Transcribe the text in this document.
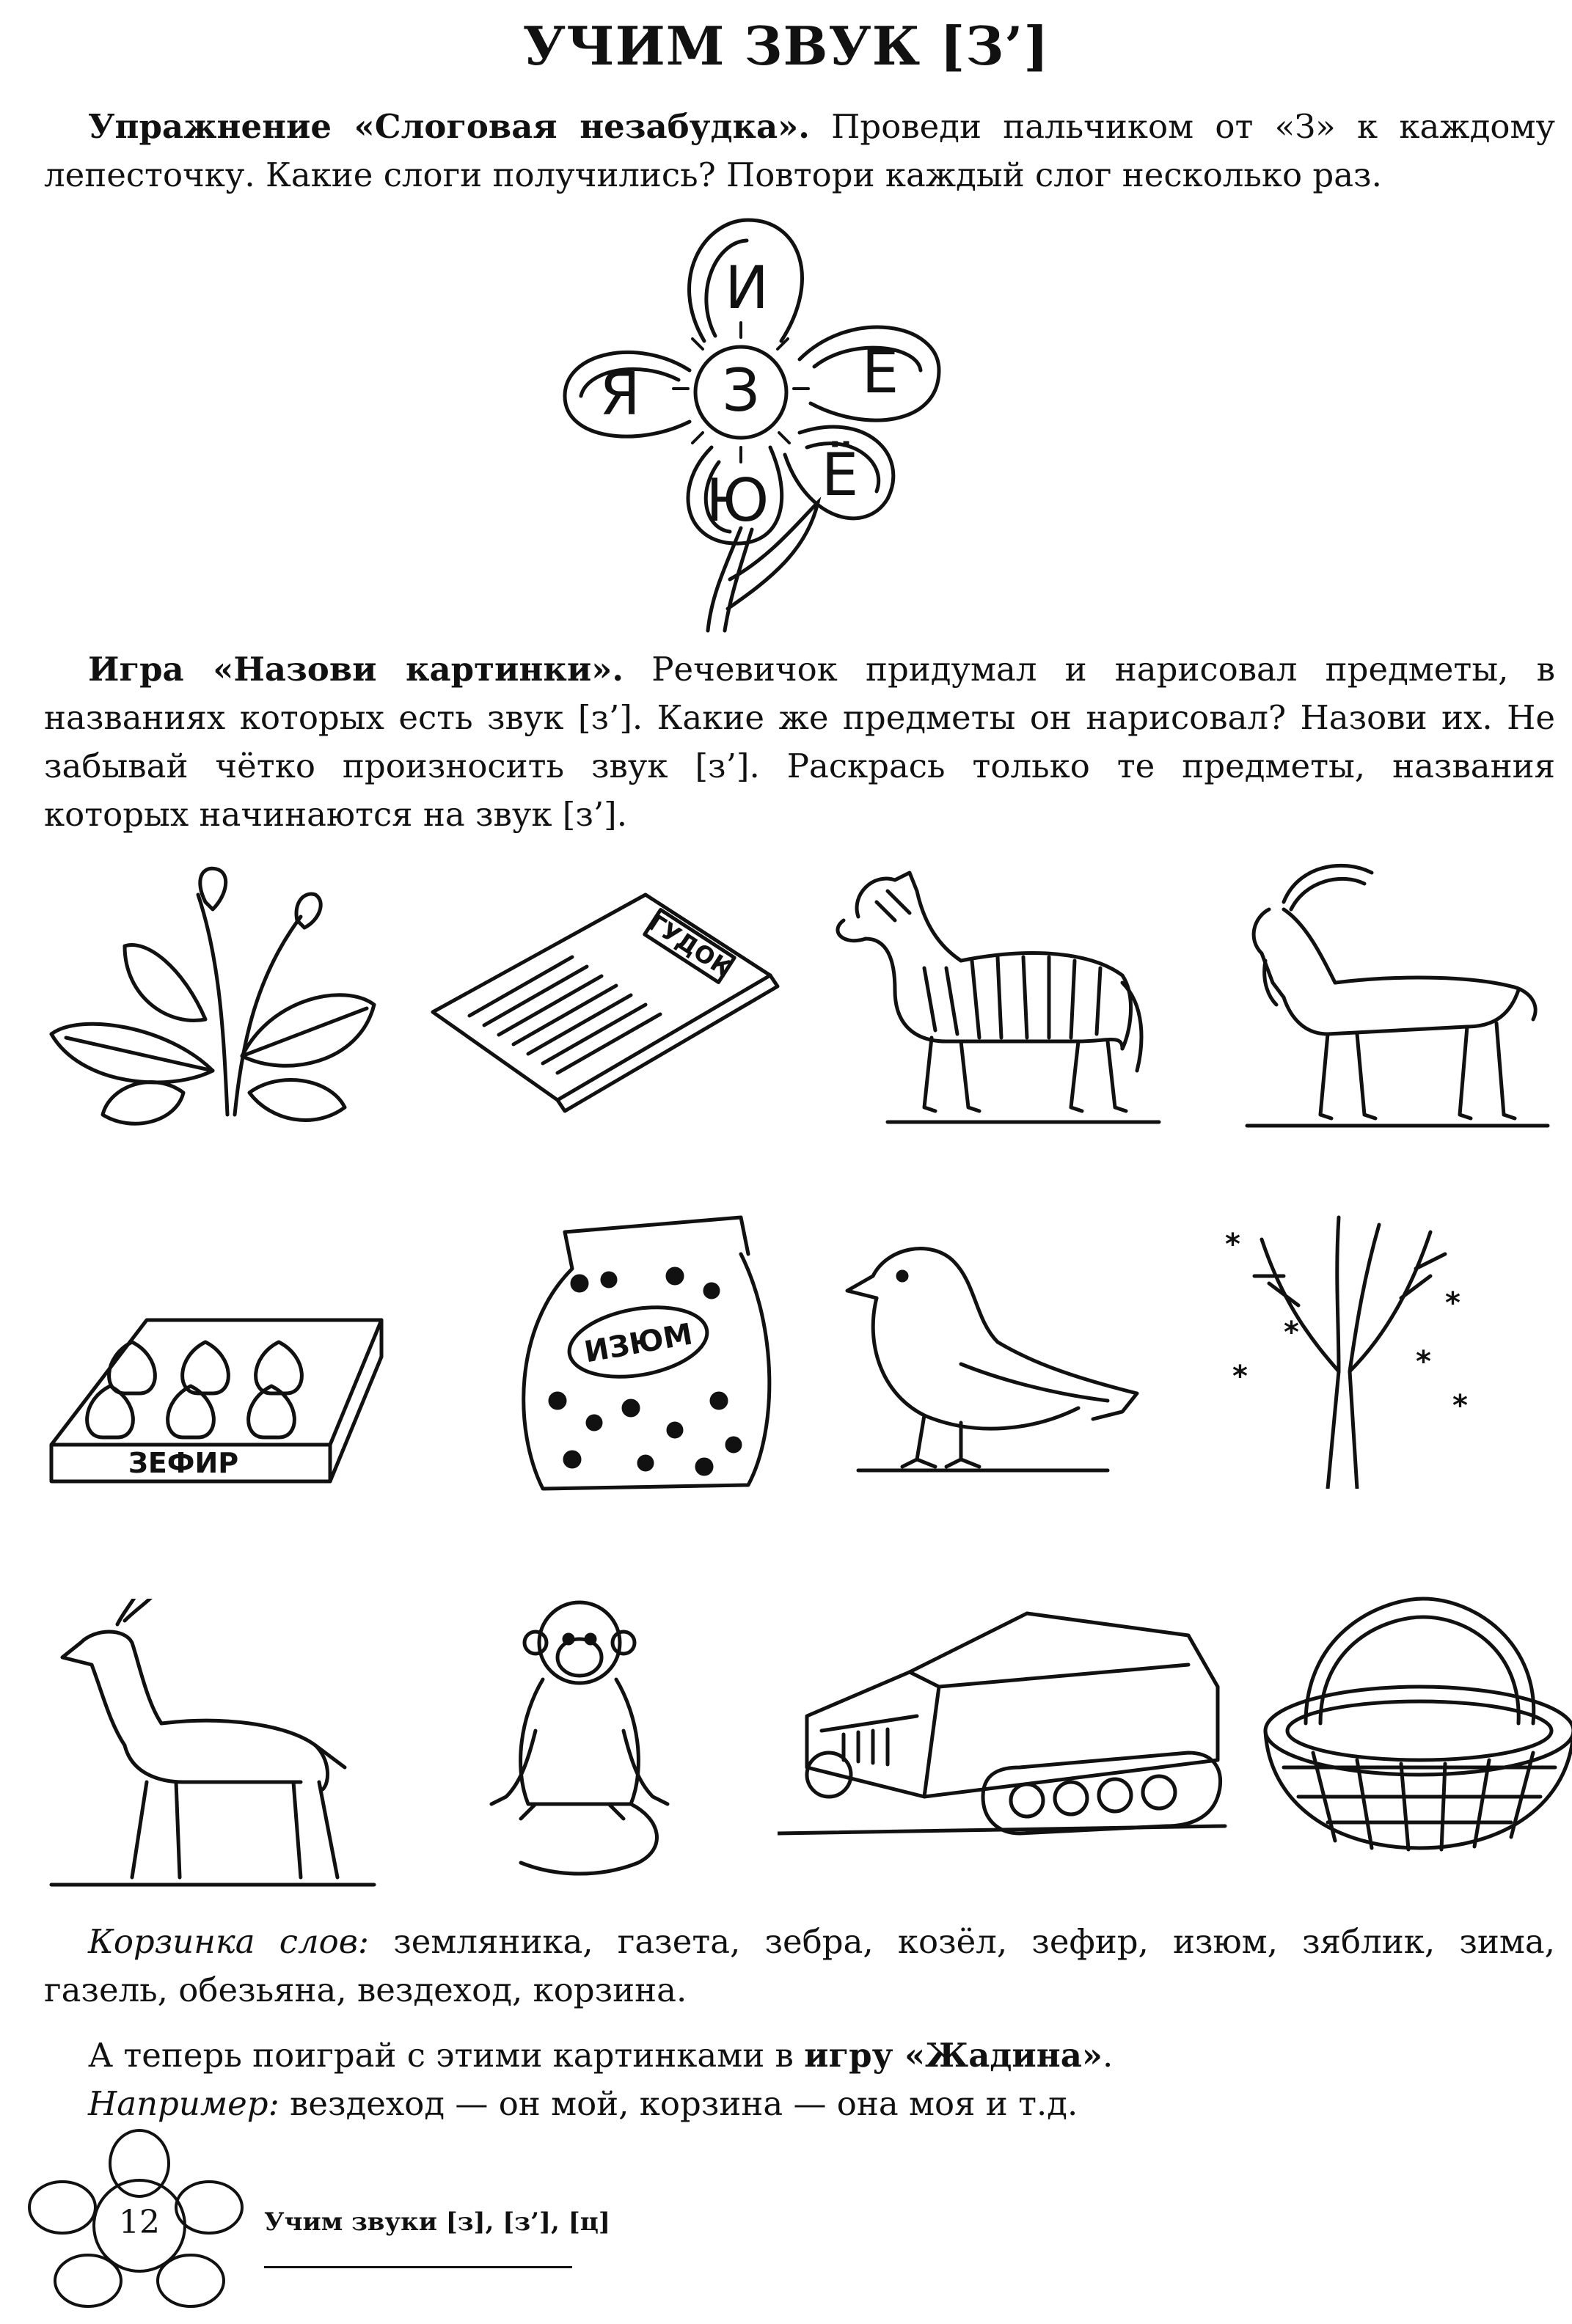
УЧИМ ЗВУК [З’]

Упражнение «Слоговая незабудка». Проведи пальчиком от «З» к каждому лепесточку. Какие слоги получились? Повтори каждый слог несколько раз.

З
И
Е
Ё
Ю
Я

Игра «Назови картинки». Речевичок придумал и нарисовал предметы, в названиях которых есть звук [з’]. Какие же предметы он нарисовал? Назови их. Не забывай чётко произносить звук [з’]. Раскрась только те предметы, названия которых начинаются на звук [з’].

ГУДОК
ЗЕФИР
ИЗЮМ
*
*
*
*
*
*

Корзинка слов: земляника, газета, зебра, козёл, зефир, изюм, зяблик, зима, газель, обезьяна, вездеход, корзина.

А теперь поиграй с этими картинками в игру «Жадина».
Например: вездеход — он мой, корзина — она моя и т.д.

12	Учим звуки [з], [з’], [ц]
